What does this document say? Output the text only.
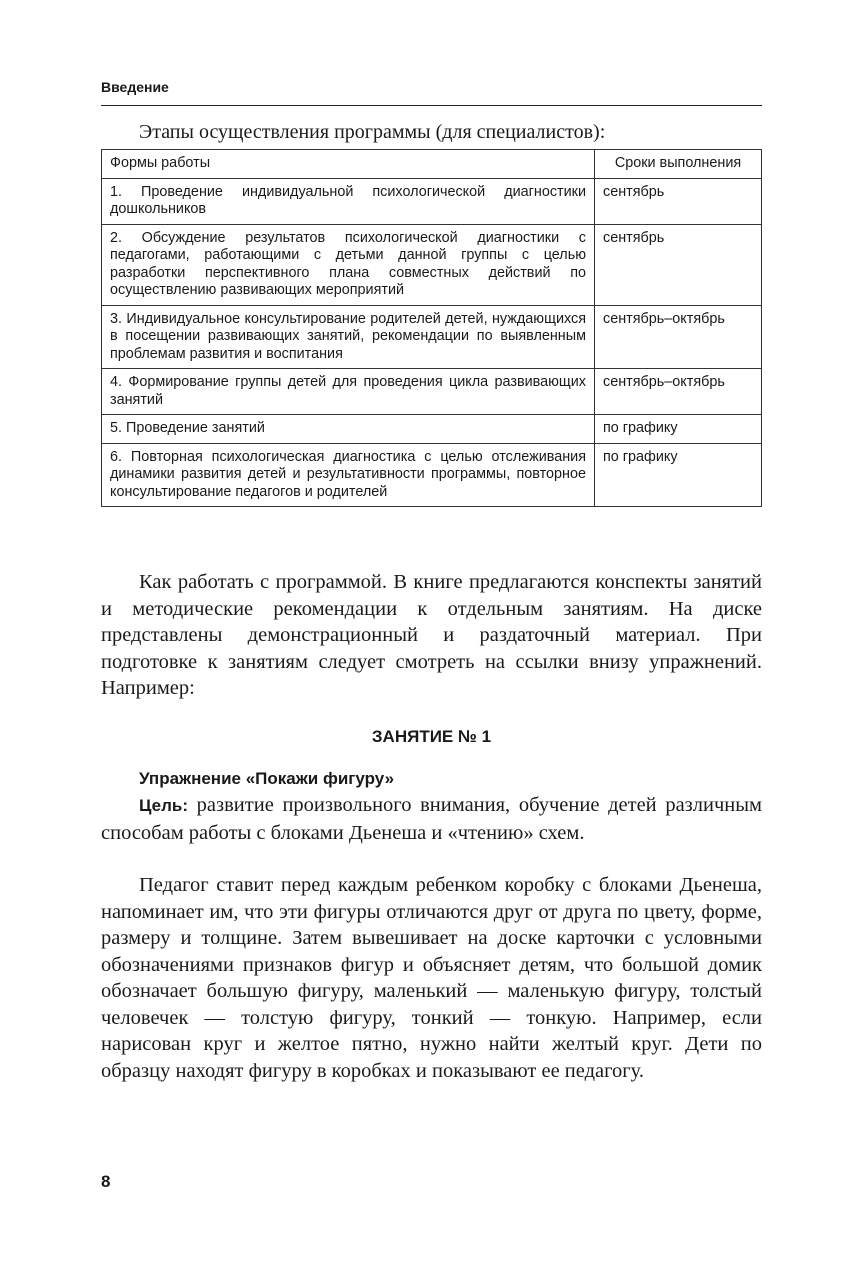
Введение
Этапы осуществления программы (для специалистов):
Формы работы	Сроки выполнения
1. Проведение индивидуальной психологической диагностики дошкольников	сентябрь
2. Обсуждение результатов психологической диагностики с педагогами, работающими с детьми данной группы с целью разработки перспективного плана совместных действий по осуществлению развивающих мероприятий	сентябрь
3. Индивидуальное консультирование родителей детей, нуждающихся в посещении развивающих занятий, рекомендации по выявленным проблемам развития и воспитания	сентябрь–октябрь
4. Формирование группы детей для проведения цикла развивающих занятий	сентябрь–октябрь
5. Проведение занятий	по графику
6. Повторная психологическая диагностика с целью отслеживания динамики развития детей и результативности программы, повторное консультирование педагогов и родителей	по графику

Как работать с программой. В книге предлагаются конспекты занятий и методические рекомендации к отдельным занятиям. На диске представлены демонстрационный и раздаточный материал. При подготовке к занятиям следует смотреть на ссылки внизу упражнений. Например:

ЗАНЯТИЕ № 1
Упражнение «Покажи фигуру»

Цель: развитие произвольного внимания, обучение детей различным способам работы с блоками Дьенеша и «чтению» схем.

Педагог ставит перед каждым ребенком коробку с блоками Дьенеша, напоминает им, что эти фигуры отличаются друг от друга по цвету, форме, размеру и толщине. Затем вывешивает на доске карточки с условными обозначениями признаков фигур и объясняет детям, что большой домик обозначает большую фигуру, маленький — маленькую фигуру, толстый человечек — толстую фигуру, тонкий — тонкую. Например, если нарисован круг и желтое пятно, нужно найти желтый круг. Дети по образцу находят фигуру в коробках и показывают ее педагогу.

8
